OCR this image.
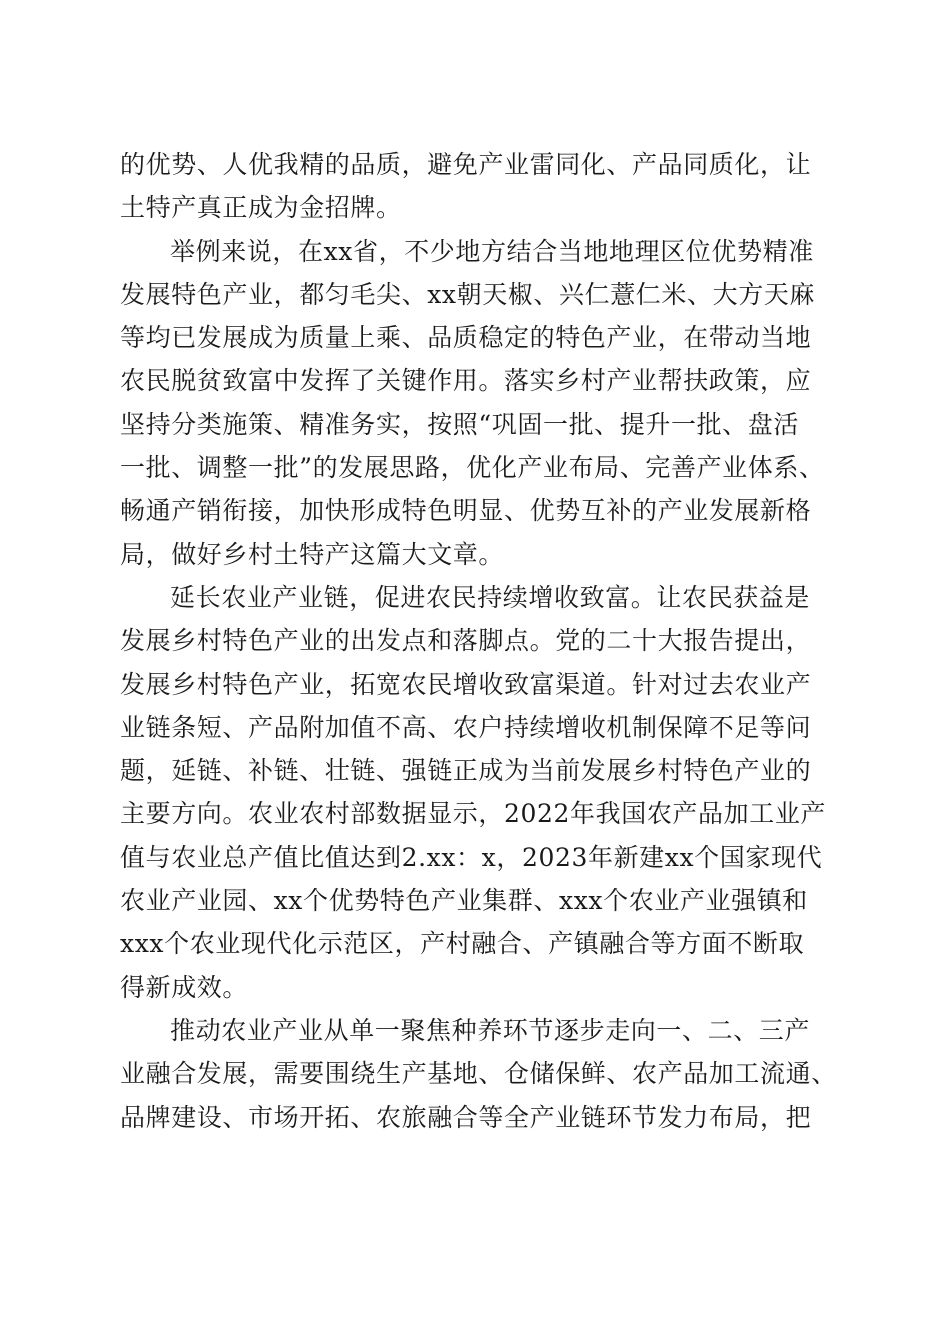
的优势、人优我精的品质，避免产业雷同化、产品同质化，让
土特产真正成为金招牌。
举例来说，在xx省，不少地方结合当地地理区位优势精准
发展特色产业，都匀毛尖、xx朝天椒、兴仁薏仁米、大方天麻
等均已发展成为质量上乘、品质稳定的特色产业，在带动当地
农民脱贫致富中发挥了关键作用。落实乡村产业帮扶政策，应
坚持分类施策、精准务实，按照“巩固一批、提升一批、盘活
一批、调整一批”的发展思路，优化产业布局、完善产业体系、
畅通产销衔接，加快形成特色明显、优势互补的产业发展新格
局，做好乡村土特产这篇大文章。
延长农业产业链，促进农民持续增收致富。让农民获益是
发展乡村特色产业的出发点和落脚点。党的二十大报告提出，
发展乡村特色产业，拓宽农民增收致富渠道。针对过去农业产
业链条短、产品附加值不高、农户持续增收机制保障不足等问
题，延链、补链、壮链、强链正成为当前发展乡村特色产业的
主要方向。农业农村部数据显示，2022年我国农产品加工业产
值与农业总产值比值达到2.xx：x，2023年新建xx个国家现代
农业产业园、xx个优势特色产业集群、xxx个农业产业强镇和
xxx个农业现代化示范区，产村融合、产镇融合等方面不断取
得新成效。
推动农业产业从单一聚焦种养环节逐步走向一、二、三产
业融合发展，需要围绕生产基地、仓储保鲜、农产品加工流通、
品牌建设、市场开拓、农旅融合等全产业链环节发力布局，把
